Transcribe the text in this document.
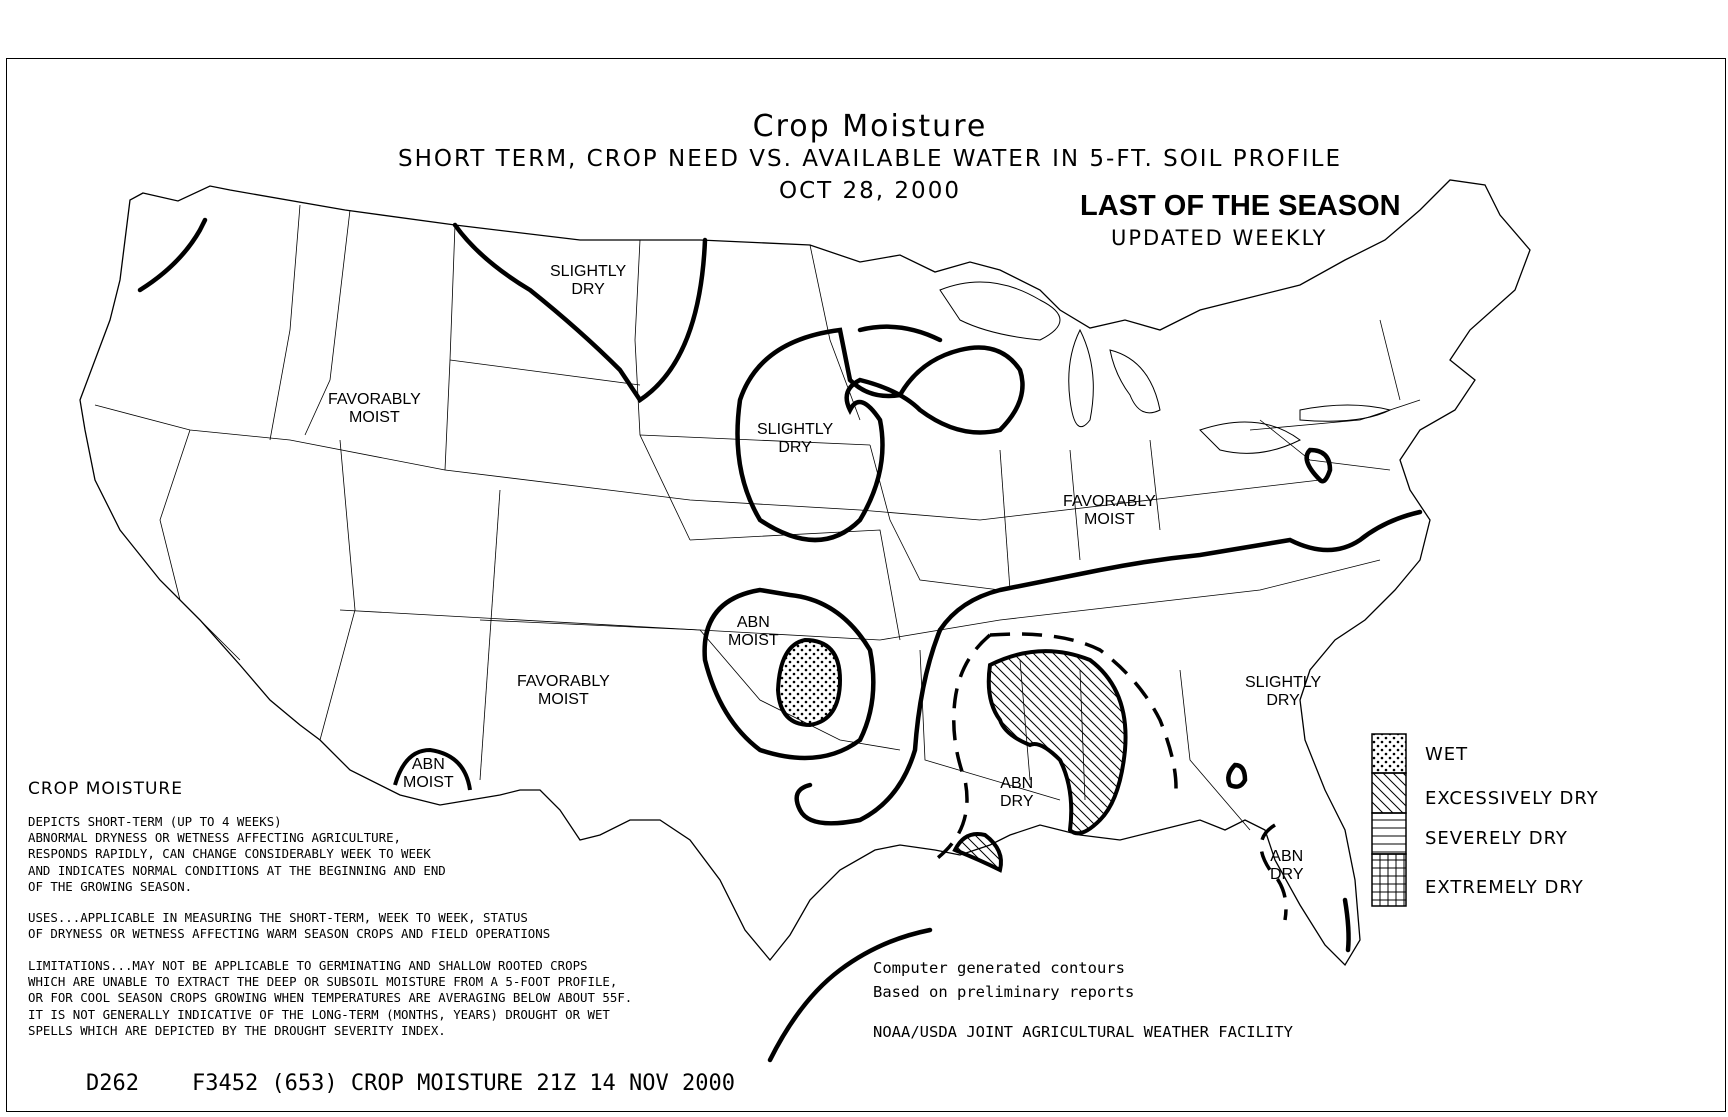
Crop Moisture
SHORT TERM, CROP NEED VS. AVAILABLE WATER IN 5-FT. SOIL PROFILE
OCT 28, 2000	LAST OF THE SEASON
UPDATED WEEKLY
SLIGHTLY
DRY
FAVORABLY
MOIST
SLIGHTLY
DRY
FAVORABLY
MOIST
ABN
MOIST
FAVORABLY
MOIST
ABN
MOIST	ABN
DRY
SLIGHTLY
DRY
ABN
DRY
CROP MOISTURE
DEPICTS SHORT-TERM (UP TO 4 WEEKS)
ABNORMAL DRYNESS OR WETNESS AFFECTING AGRICULTURE,
RESPONDS RAPIDLY, CAN CHANGE CONSIDERABLY WEEK TO WEEK
AND INDICATES NORMAL CONDITIONS AT THE BEGINNING AND END
OF THE GROWING SEASON.
USES...APPLICABLE IN MEASURING THE SHORT-TERM, WEEK TO WEEK, STATUS
OF DRYNESS OR WETNESS AFFECTING WARM SEASON CROPS AND FIELD OPERATIONS
LIMITATIONS...MAY NOT BE APPLICABLE TO GERMINATING AND SHALLOW ROOTED CROPS
WHICH ARE UNABLE TO EXTRACT THE DEEP OR SUBSOIL MOISTURE FROM A 5-FOOT PROFILE,
OR FOR COOL SEASON CROPS GROWING WHEN TEMPERATURES ARE AVERAGING BELOW ABOUT 55F.
IT IS NOT GENERALLY INDICATIVE OF THE LONG-TERM (MONTHS, YEARS) DROUGHT OR WET
SPELLS WHICH ARE DEPICTED BY THE DROUGHT SEVERITY INDEX.
WET
EXCESSIVELY DRY
SEVERELY DRY
EXTREMELY DRY
Computer generated contours
Based on preliminary reports
NOAA/USDA JOINT AGRICULTURAL WEATHER FACILITY
D262    F3452 (653) CROP MOISTURE 21Z 14 NOV 2000
